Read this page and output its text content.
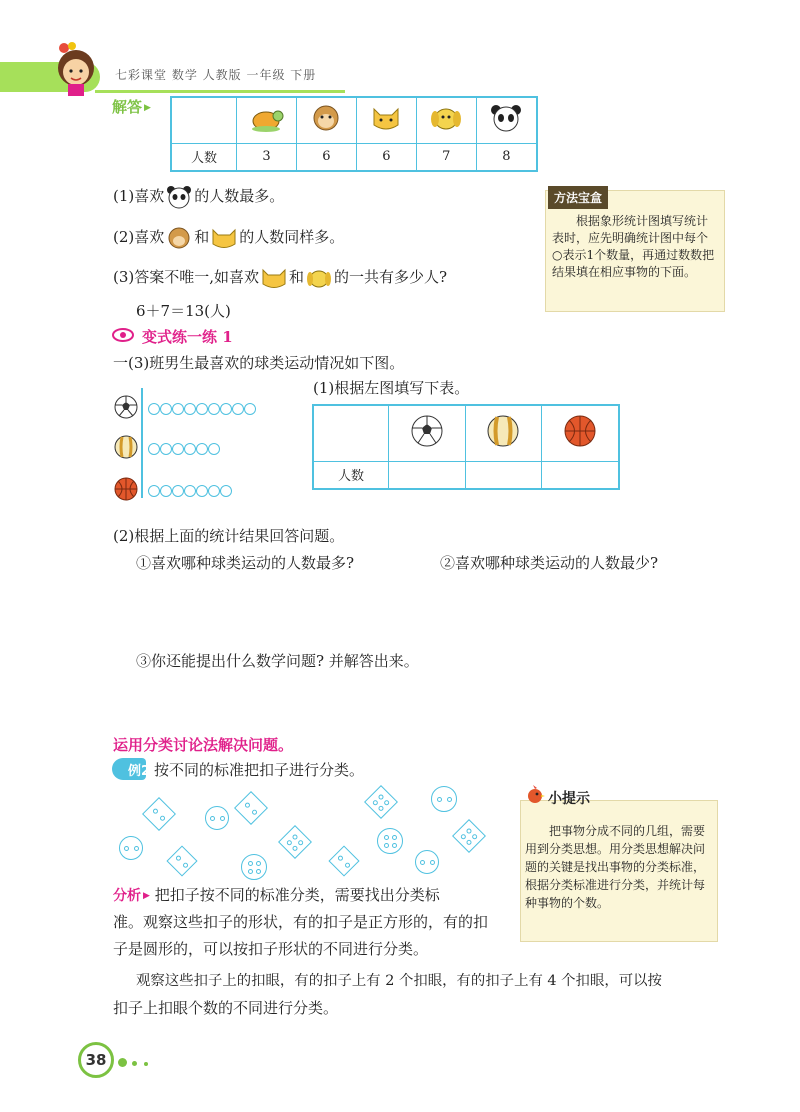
七彩课堂 数学 人教版 一年级 下册
解答 ▶

人数	3	6	6	7	8
(1)喜欢 的人数最多。
(2)喜欢 和 的人数同样多。
(3)答案不唯一,如喜欢 和 的一共有多少人?
6＋7＝13(人)
方法宝盒
根据象形统计图填写统计表时，应先明确统计图中每个○表示1个数量，再通过数数把结果填在相应事物的下面。
变式练一练 1
一(3)班男生最喜欢的球类运动情况如下图。
(1)根据左图填写下表。

人数			
(2)根据上面的统计结果回答问题。
①喜欢哪种球类运动的人数最多?	②喜欢哪种球类运动的人数最少?
③你还能提出什么数学问题? 并解答出来。
运用分类讨论法解决问题。
例2 按不同的标准把扣子进行分类。
小提示
把事物分成不同的几组，需要用到分类思想。用分类思想解决问题的关键是找出事物的分类标准，根据分类标准进行分类，并统计每种事物的个数。
分析 ▶ 把扣子按不同的标准分类，需要找出分类标
准。观察这些扣子的形状，有的扣子是正方形的，有的扣
子是圆形的，可以按扣子形状的不同进行分类。
观察这些扣子上的扣眼，有的扣子上有 2 个扣眼，有的扣子上有 4 个扣眼，可以按
扣子上扣眼个数的不同进行分类。
38
